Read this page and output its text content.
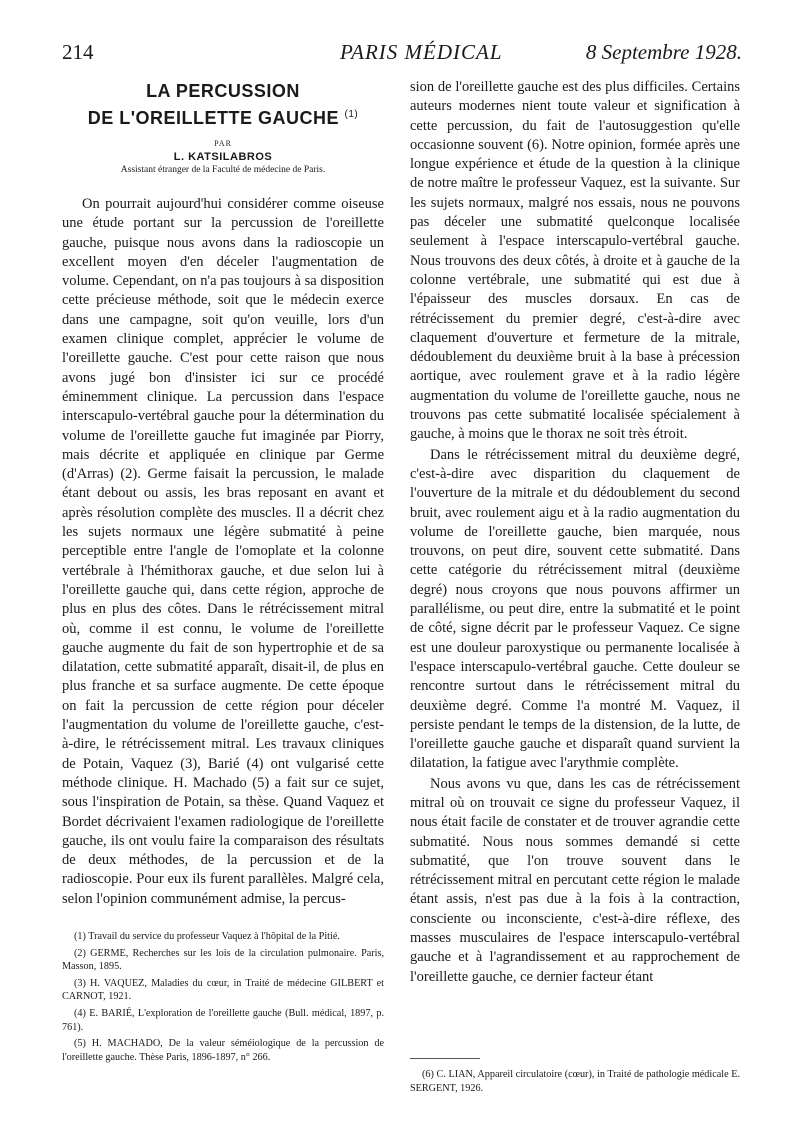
214	PARIS MÉDICAL	8 Septembre 1928.
LA PERCUSSION
DE L'OREILLETTE GAUCHE $^{(1)}$
PAR
L. KATSILABROS
Assistant étranger de la Faculté de médecine de Paris.

On pourrait aujourd'hui considérer comme oiseuse une étude portant sur la percussion de l'oreillette gauche, puisque nous avons dans la radioscopie un excellent moyen d'en déceler l'augmentation de volume. Cependant, on n'a pas toujours à sa disposition cette précieuse méthode, soit que le médecin exerce dans une campagne, soit qu'on veuille, lors d'un examen clinique complet, apprécier le volume de l'oreillette gauche. C'est pour cette raison que nous avons jugé bon d'insister ici sur ce procédé éminemment clinique. La percussion dans l'espace interscapulo-vertébral gauche pour la détermination du volume de l'oreillette gauche fut imaginée par Piorry, mais décrite et appliquée en clinique par Germe (d'Arras) (2). Germe faisait la percussion, le malade étant debout ou assis, les bras reposant en avant et après résolution complète des muscles. Il a décrit chez les sujets normaux une légère submatité à peine perceptible entre l'angle de l'omoplate et la colonne vertébrale à l'hémithorax gauche, et due selon lui à l'oreillette gauche qui, dans cette région, approche de plus en plus des côtes. Dans le rétrécissement mitral où, comme il est connu, le volume de l'oreillette gauche augmente du fait de son hypertrophie et de sa dilatation, cette submatité apparaît, disait-il, de plus en plus franche et sa surface augmente. De cette époque on fait la percussion de cette région pour déceler l'augmentation du volume de l'oreillette gauche, c'est-à-dire, le rétrécissement mitral. Les travaux cliniques de Potain, Vaquez (3), Barié (4) ont vulgarisé cette méthode clinique. H. Machado (5) a fait sur ce sujet, sous l'inspiration de Potain, sa thèse. Quand Vaquez et Bordet décrivaient l'examen radiologique de l'oreillette gauche, ils ont voulu faire la comparaison des résultats de deux méthodes, de la percussion et de la radioscopie. Pour eux ils furent parallèles. Malgré cela, selon l'opinion communément admise, la percus-

sion de l'oreillette gauche est des plus difficiles. Certains auteurs modernes nient toute valeur et signification à cette percussion, du fait de l'autosuggestion qu'elle occasionne souvent (6). Notre opinion, formée après une longue expérience et étude de la question à la clinique de notre maître le professeur Vaquez, est la suivante. Sur les sujets normaux, malgré nos essais, nous ne pouvons pas déceler une submatité quelconque localisée seulement à l'espace interscapulo-vertébral gauche. Nous trouvons des deux côtés, à droite et à gauche de la colonne vertébrale, une submatité qui est due à l'épaisseur des muscles dorsaux. En cas de rétrécissement du premier degré, c'est-à-dire avec claquement d'ouverture et fermeture de la mitrale, dédoublement du deuxième bruit à la base à précession aortique, avec roulement grave et à la radio légère augmentation du volume de l'oreillette gauche, nous ne trouvons pas cette submatité localisée spécialement à gauche, à moins que le thorax ne soit très étroit.

Dans le rétrécissement mitral du deuxième degré, c'est-à-dire avec disparition du claquement de l'ouverture de la mitrale et du dédoublement du second bruit, avec roulement aigu et à la radio augmentation du volume de l'oreillette gauche, bien marquée, nous trouvons, on peut dire, souvent cette submatité. Dans cette catégorie du rétrécissement mitral (deuxième degré) nous croyons que nous pouvons affirmer un parallélisme, ou peut dire, entre la submatité et le point de côté, signe décrit par le professeur Vaquez. Ce signe est une douleur paroxystique ou permanente localisée à l'espace interscapulo-vertébral gauche. Cette douleur se rencontre surtout dans le rétrécissement mitral du deuxième degré. Comme l'a montré M. Vaquez, il persiste pendant le temps de la distension, de la lutte, de l'oreillette gauche gauche et disparaît quand survient la dilatation, la fatigue avec l'arythmie complète.

Nous avons vu que, dans les cas de rétrécissement mitral où on trouvait ce signe du professeur Vaquez, il nous était facile de constater et de trouver agrandie cette submatité. Nous nous sommes demandé si cette submatité, que l'on trouve souvent dans le rétrécissement mitral en percutant cette région le malade étant assis, n'est pas due à la fois à la contraction, consciente ou inconsciente, c'est-à-dire réflexe, des masses musculaires de l'espace interscapulo-vertébral gauche et à l'agrandissement et au rapprochement de l'oreillette gauche, ce dernier facteur étant

(1) Travail du service du professeur Vaquez à l'hôpital de la Pitié.

(2) GERME, Recherches sur les lois de la circulation pulmonaire. Paris, Masson, 1895.

(3) H. VAQUEZ, Maladies du cœur, in Traité de médecine GILBERT et CARNOT, 1921.

(4) E. BARIÉ, L'exploration de l'oreillette gauche (Bull. médical, 1897, p. 761).

(5) H. MACHADO, De la valeur séméiologique de la percussion de l'oreillette gauche. Thèse Paris, 1896-1897, n° 266.

(6) C. LIAN, Appareil circulatoire (cœur), in Traité de pathologie médicale E. SERGENT, 1926.
